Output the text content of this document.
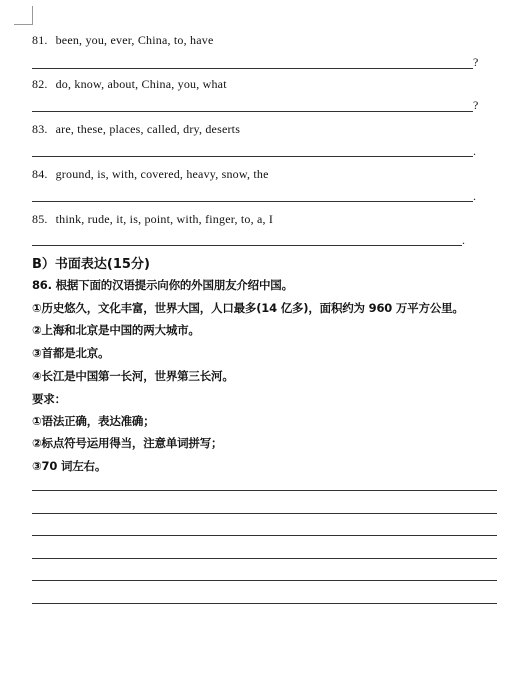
81. been, you, ever, China, to, have
?
82. do, know, about, China, you, what
?
83. are, these, places, called, dry, deserts
.
84. ground, is, with, covered, heavy, snow, the
.
85. think, rude, it, is, point, with, finger, to, a, I
.
B）书面表达(15分)
86. 根据下面的汉语提示向你的外国朋友介绍中国。
①历史悠久，文化丰富，世界大国，人口最多(14 亿多)，面积约为 960 万平方公里。
②上海和北京是中国的两大城市。
③首都是北京。
④长江是中国第一长河，世界第三长河。
要求：
①语法正确，表达准确；
②标点符号运用得当，注意单词拼写；
③70 词左右。
